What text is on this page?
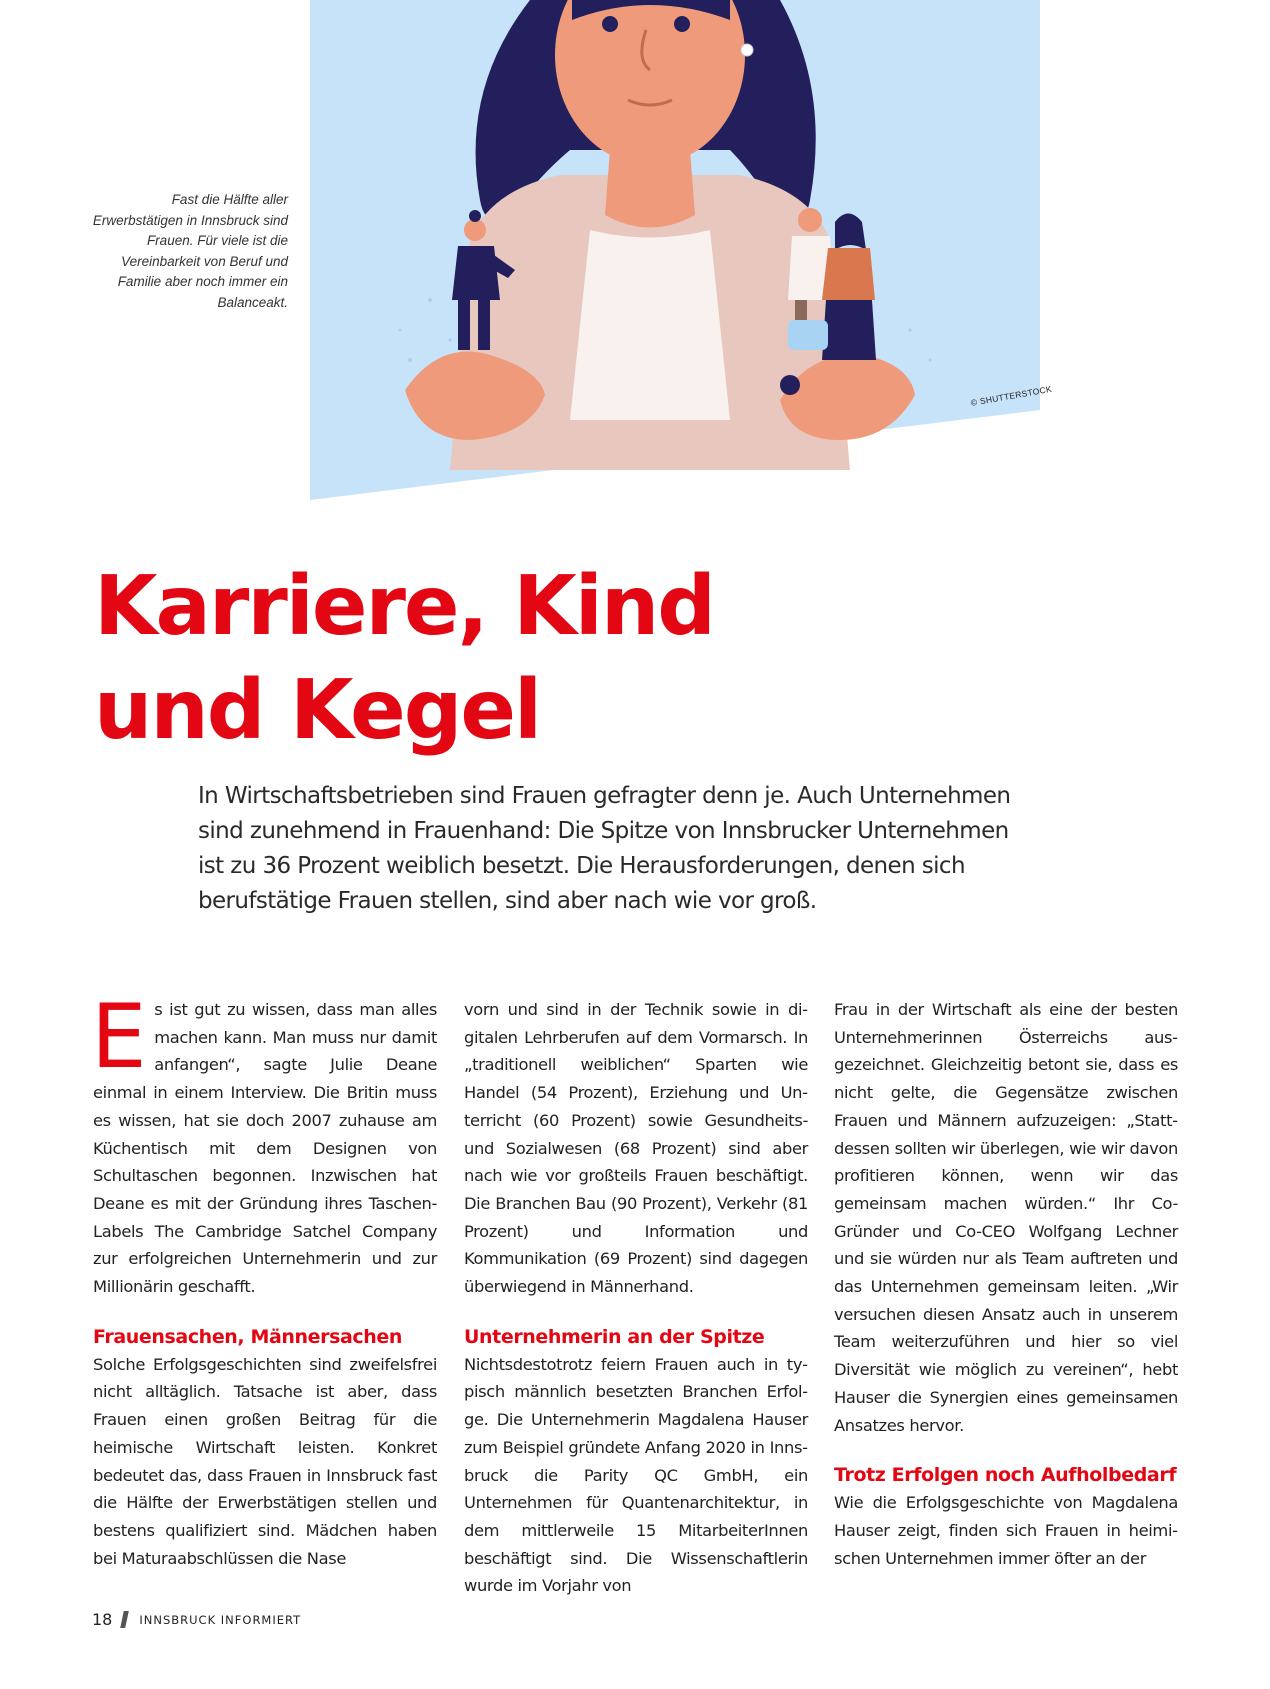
Fast die Hälfte aller Erwerbstätigen in Innsbruck sind Frauen. Für viele ist die Vereinbarkeit von Beruf und Familie aber noch immer ein Balanceakt.
© SHUTTERSTOCK
Karriere, Kind
und Kegel

In Wirtschaftsbetrieben sind Frauen gefragter denn je. Auch Unternehmen sind zunehmend in Frauenhand: Die Spitze von Innsbrucker Unternehmen ist zu 36 Prozent weiblich besetzt. Die Herausforderungen, denen sich berufstätige Frauen stellen, sind aber nach wie vor groß.

E s ist gut zu wissen, dass man alles machen kann. Man muss nur damit anfangen“, sagte Julie Deane einmal in einem Interview. Die Britin muss es wissen, hat sie doch 2007 zuhause am Küchentisch mit dem Designen von Schultaschen begonnen. Inzwischen hat Deane es mit der Gründung ihres Taschen-Labels The Cambridge Satchel Company zur erfolgreichen Unternehmerin und zur Millionärin geschafft.

Frauensachen, Männersachen

Solche Erfolgsgeschichten sind zweifelsfrei nicht alltäglich. Tatsache ist aber, dass Frauen einen großen Beitrag für die heimische Wirtschaft leisten. Konkret bedeutet das, dass Frauen in Innsbruck fast die Hälfte der Erwerbstätigen stellen und bestens qualifiziert sind. Mädchen haben bei Maturaabschlüssen die Nase

vorn und sind in der Technik sowie in digitalen Lehrberufen auf dem Vormarsch. In „traditionell weiblichen“ Sparten wie Handel (54 Prozent), Erziehung und Unterricht (60 Prozent) sowie Gesundheits- und Sozialwesen (68 Prozent) sind aber nach wie vor großteils Frauen beschäftigt. Die Branchen Bau (90 Prozent), Verkehr (81 Prozent) und Information und Kommunikation (69 Prozent) sind dagegen überwiegend in Männerhand.

Unternehmerin an der Spitze

Nichtsdestotrotz feiern Frauen auch in typisch männlich besetzten Branchen Erfolge. Die Unternehmerin Magdalena Hauser zum Beispiel gründete Anfang 2020 in Innsbruck die Parity QC GmbH, ein Unternehmen für Quantenarchitektur, in dem mittlerweile 15 MitarbeiterInnen beschäftigt sind. Die Wissenschaftlerin wurde im Vorjahr von

Frau in der Wirtschaft als eine der besten Unternehmerinnen Österreichs ausgezeichnet. Gleichzeitig betont sie, dass es nicht gelte, die Gegensätze zwischen Frauen und Männern aufzuzeigen: „Stattdessen sollten wir überlegen, wie wir davon profitieren können, wenn wir das gemeinsam machen würden.“ Ihr Co-Gründer und Co-CEO Wolfgang Lechner und sie würden nur als Team auftreten und das Unternehmen gemeinsam leiten. „Wir versuchen diesen Ansatz auch in unserem Team weiterzuführen und hier so viel Diversität wie möglich zu vereinen“, hebt Hauser die Synergien eines gemeinsamen Ansatzes hervor.

Trotz Erfolgen noch Aufholbedarf

Wie die Erfolgsgeschichte von Magdalena Hauser zeigt, finden sich Frauen in heimischen Unternehmen immer öfter an der

18 INNSBRUCK INFORMIERT
